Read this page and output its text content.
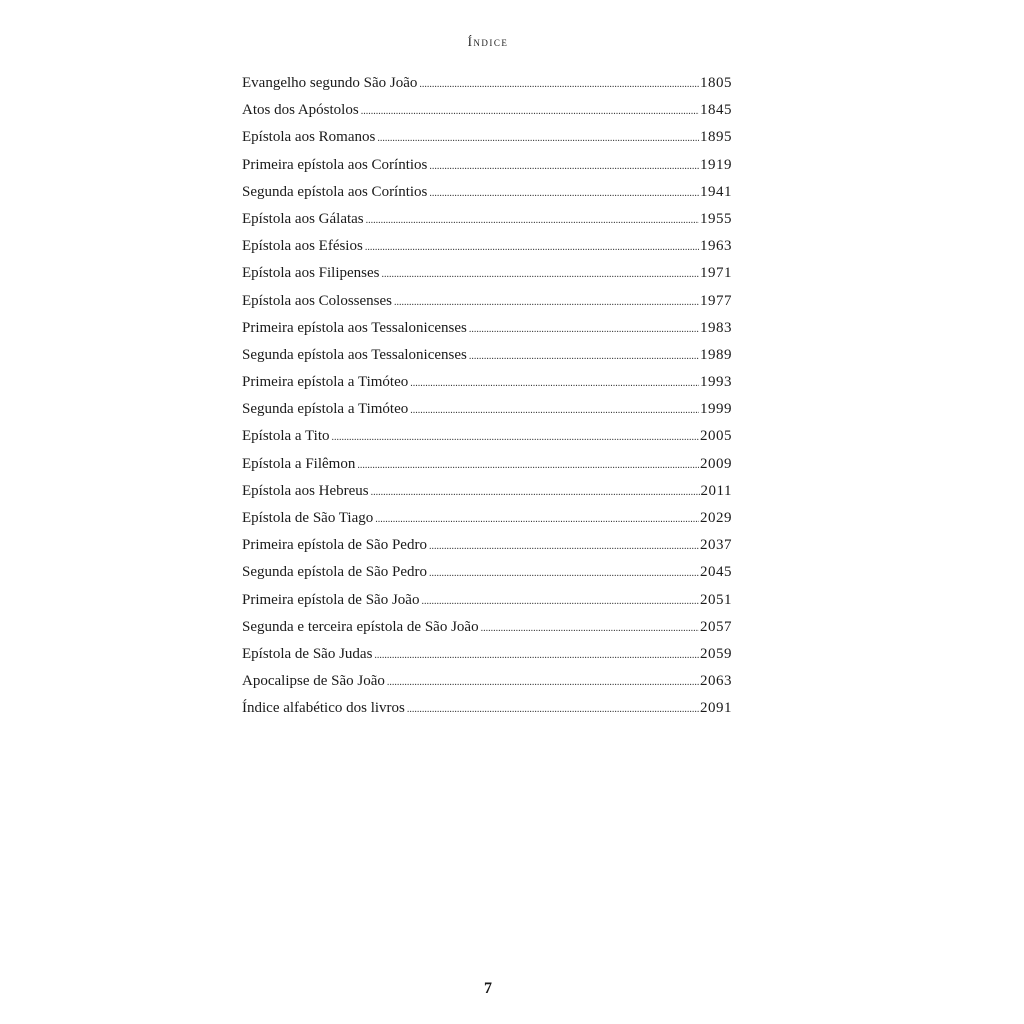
Índice
Evangelho segundo São João .....	1805
Atos dos Apóstolos .....	1845
Epístola aos Romanos .....	1895
Primeira epístola aos Coríntios .....	1919
Segunda epístola aos Coríntios .....	1941
Epístola aos Gálatas .....	1955
Epístola aos Efésios .....	1963
Epístola aos Filipenses .....	1971
Epístola aos Colossenses .....	1977
Primeira epístola aos Tessalonicenses .....	1983
Segunda epístola aos Tessalonicenses .....	1989
Primeira epístola a Timóteo .....	1993
Segunda epístola a Timóteo .....	1999
Epístola a Tito .....	2005
Epístola a Filêmon .....	2009
Epístola aos Hebreus .....	2011
Epístola de São Tiago .....	2029
Primeira epístola de São Pedro .....	2037
Segunda epístola de São Pedro .....	2045
Primeira epístola de São João .....	2051
Segunda e terceira epístola de São João .....	2057
Epístola de São Judas .....	2059
Apocalipse de São João .....	2063
Índice alfabético dos livros .....	2091
7
